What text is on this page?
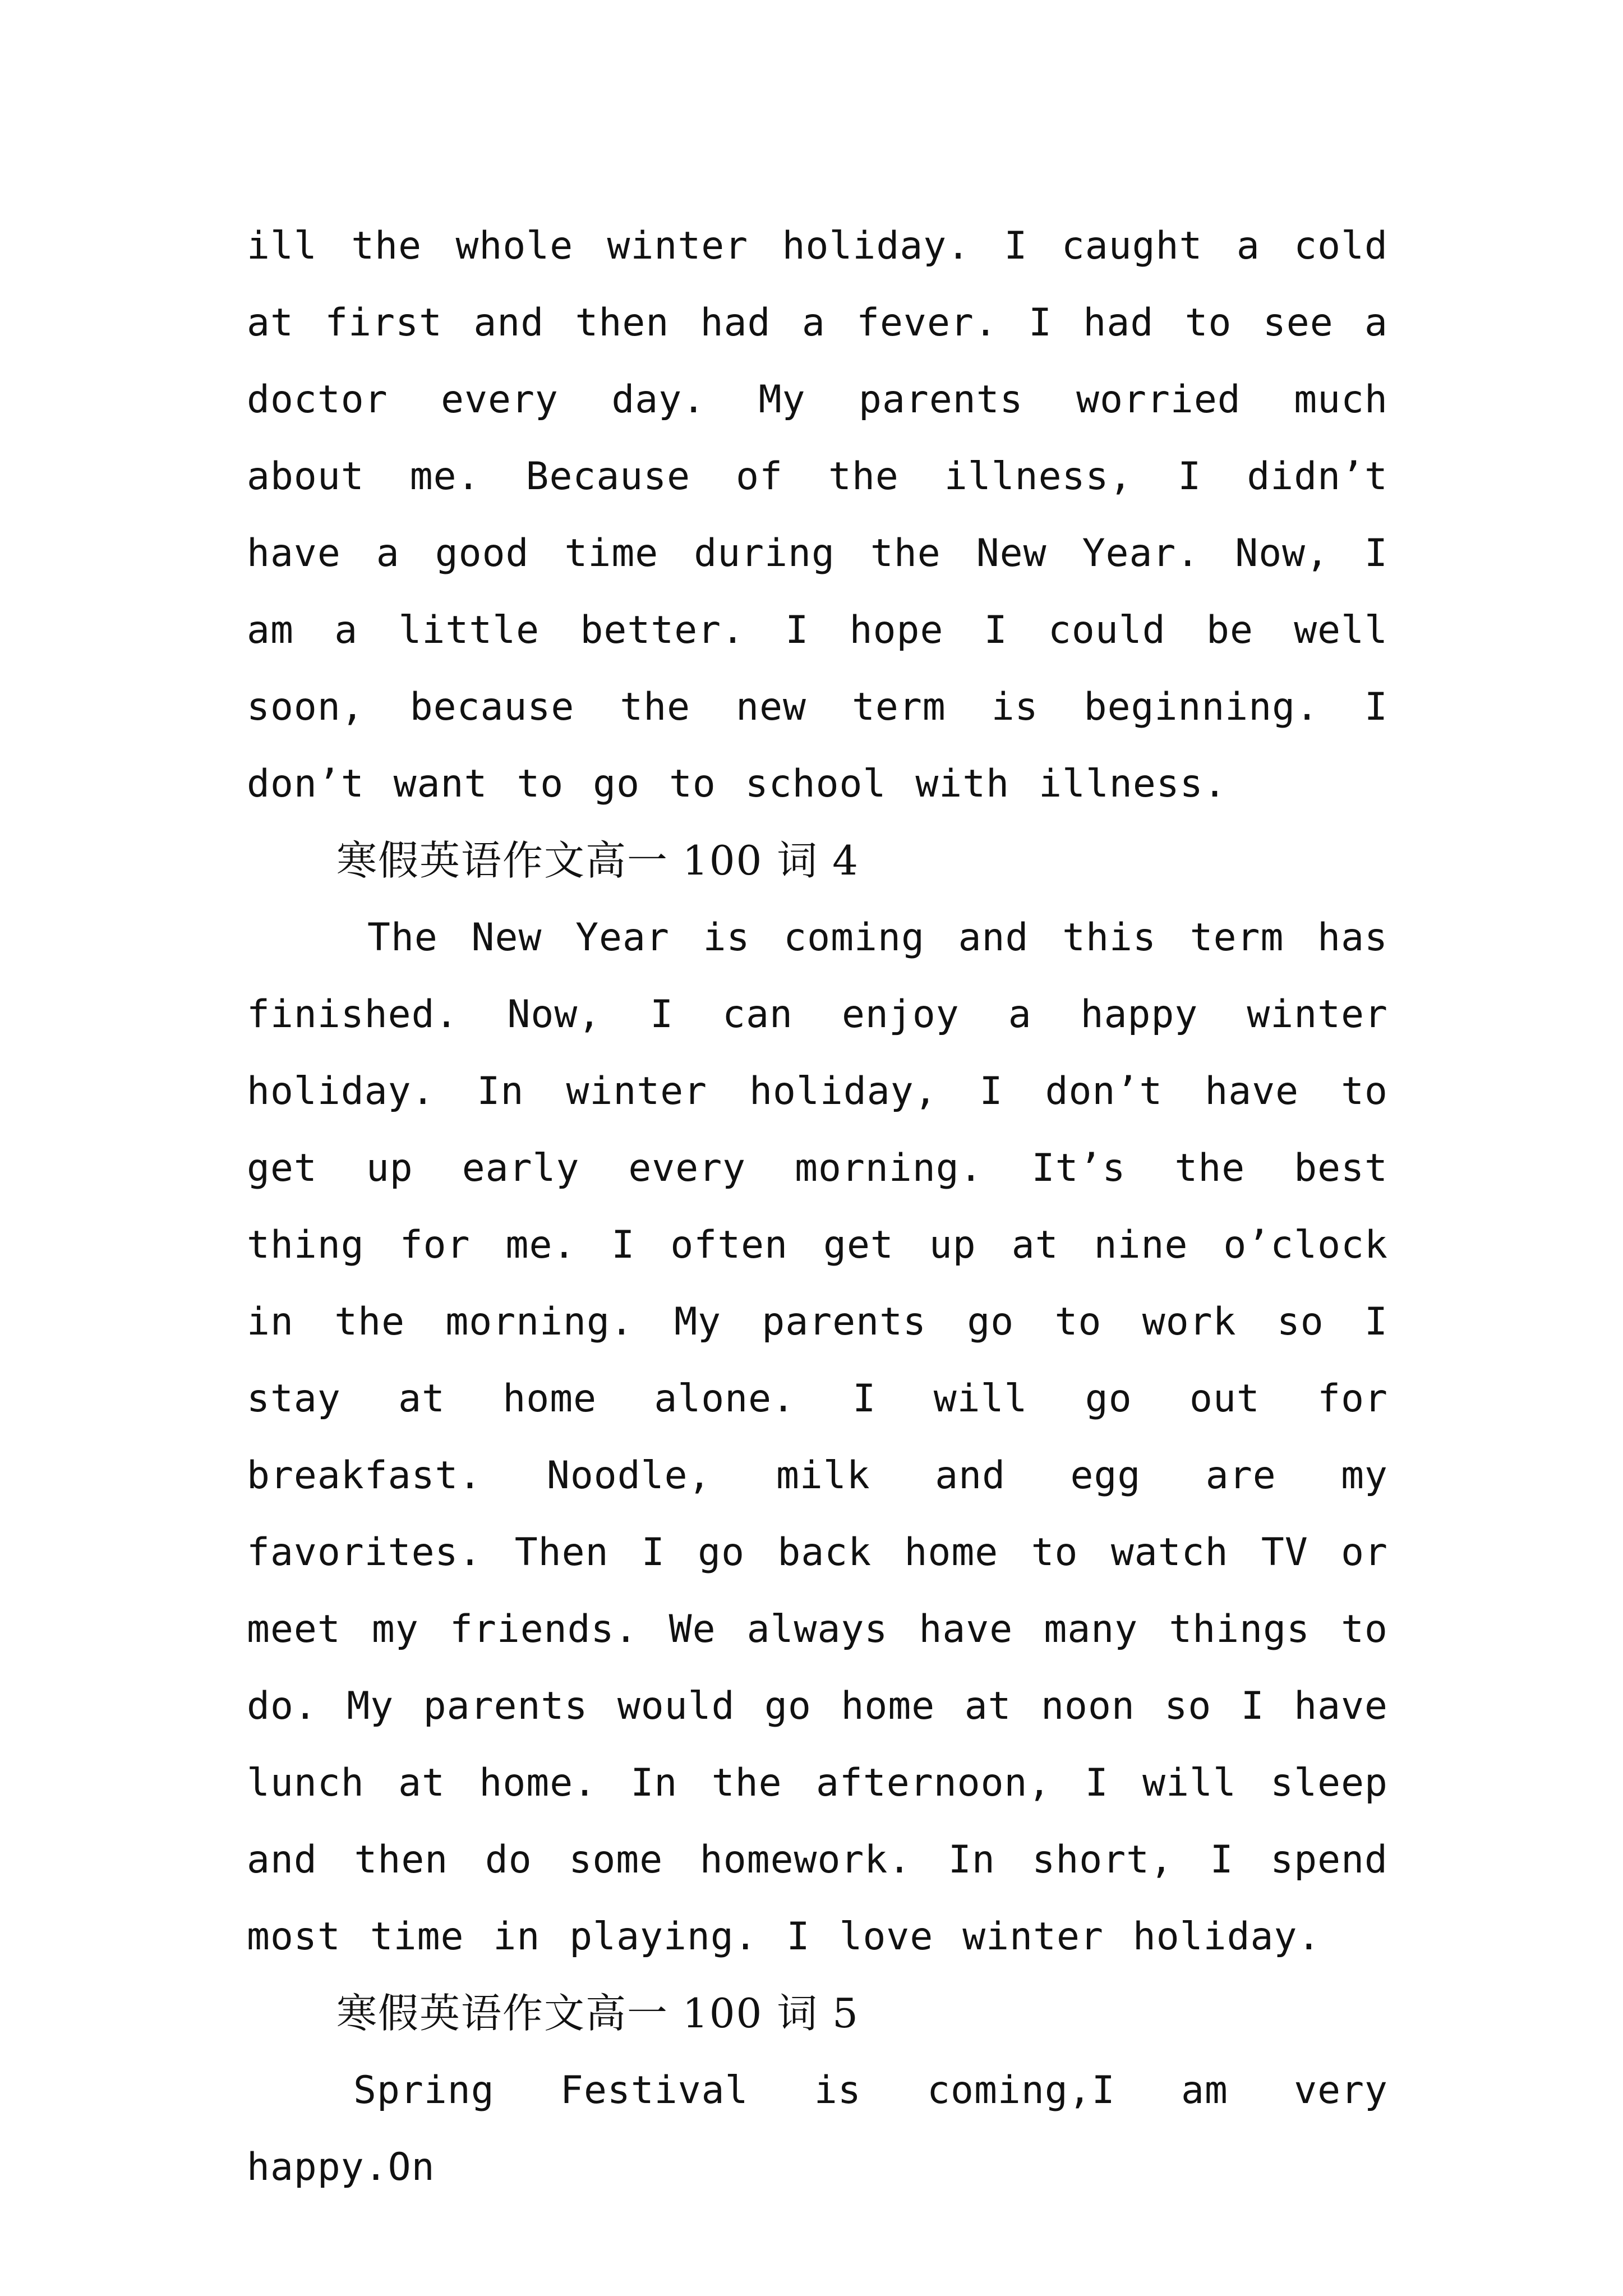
ill the whole winter holiday. I caught a cold at first and then had a fever. I had to see a doctor every day. My parents worried much about me. Because of the illness, I didn’t have a good time during the New Year. Now, I am a little better. I hope I could be well soon, because the new term is beginning. I don’t want to go to school with illness.

寒假英语作文高一 100 词 4

The New Year is coming and this term has finished. Now, I can enjoy a happy winter holiday. In winter holiday, I don’t have to get up early every morning. It’s the best thing for me. I often get up at nine o’clock in the morning. My parents go to work so I stay at home alone. I will go out for breakfast. Noodle, milk and egg are my favorites. Then I go back home to watch TV or meet my friends. We always have many things to do. My parents would go home at noon so I have lunch at home. In the afternoon, I will sleep and then do some homework. In short, I spend most time in playing. I love winter holiday.

寒假英语作文高一 100 词 5

Spring Festival is coming,I am very happy.On
